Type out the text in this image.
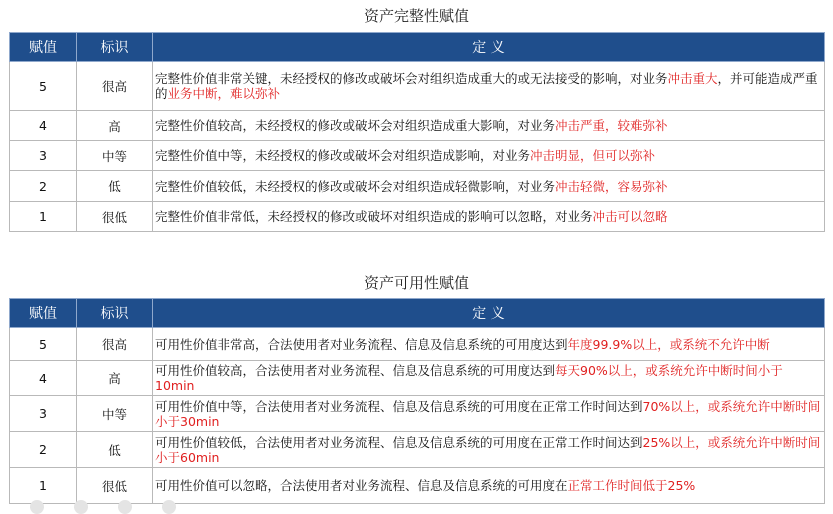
资产完整性赋值
赋值	标识	定 义
5	很高	完整性价值非常关键，未经授权的修改或破坏会对组织造成重大的或无法接受的影响，对业务冲击重大，并可能造成严重的业务中断，难以弥补
4	高	完整性价值较高，未经授权的修改或破坏会对组织造成重大影响，对业务冲击严重，较难弥补
3	中等	完整性价值中等，未经授权的修改或破坏会对组织造成影响，对业务冲击明显，但可以弥补
2	低	完整性价值较低，未经授权的修改或破坏会对组织造成轻微影响，对业务冲击轻微，容易弥补
1	很低	完整性价值非常低，未经授权的修改或破坏对组织造成的影响可以忽略，对业务冲击可以忽略
资产可用性赋值
赋值	标识	定 义
5	很高	可用性价值非常高，合法使用者对业务流程、信息及信息系统的可用度达到年度99.9%以上，或系统不允许中断
4	高	可用性价值较高，合法使用者对业务流程、信息及信息系统的可用度达到每天90%以上，或系统允许中断时间小于10min
3	中等	可用性价值中等，合法使用者对业务流程、信息及信息系统的可用度在正常工作时间达到70%以上，或系统允许中断时间小于30min
2	低	可用性价值较低，合法使用者对业务流程、信息及信息系统的可用度在正常工作时间达到25%以上，或系统允许中断时间小于60min
1	很低	可用性价值可以忽略，合法使用者对业务流程、信息及信息系统的可用度在正常工作时间低于25%
